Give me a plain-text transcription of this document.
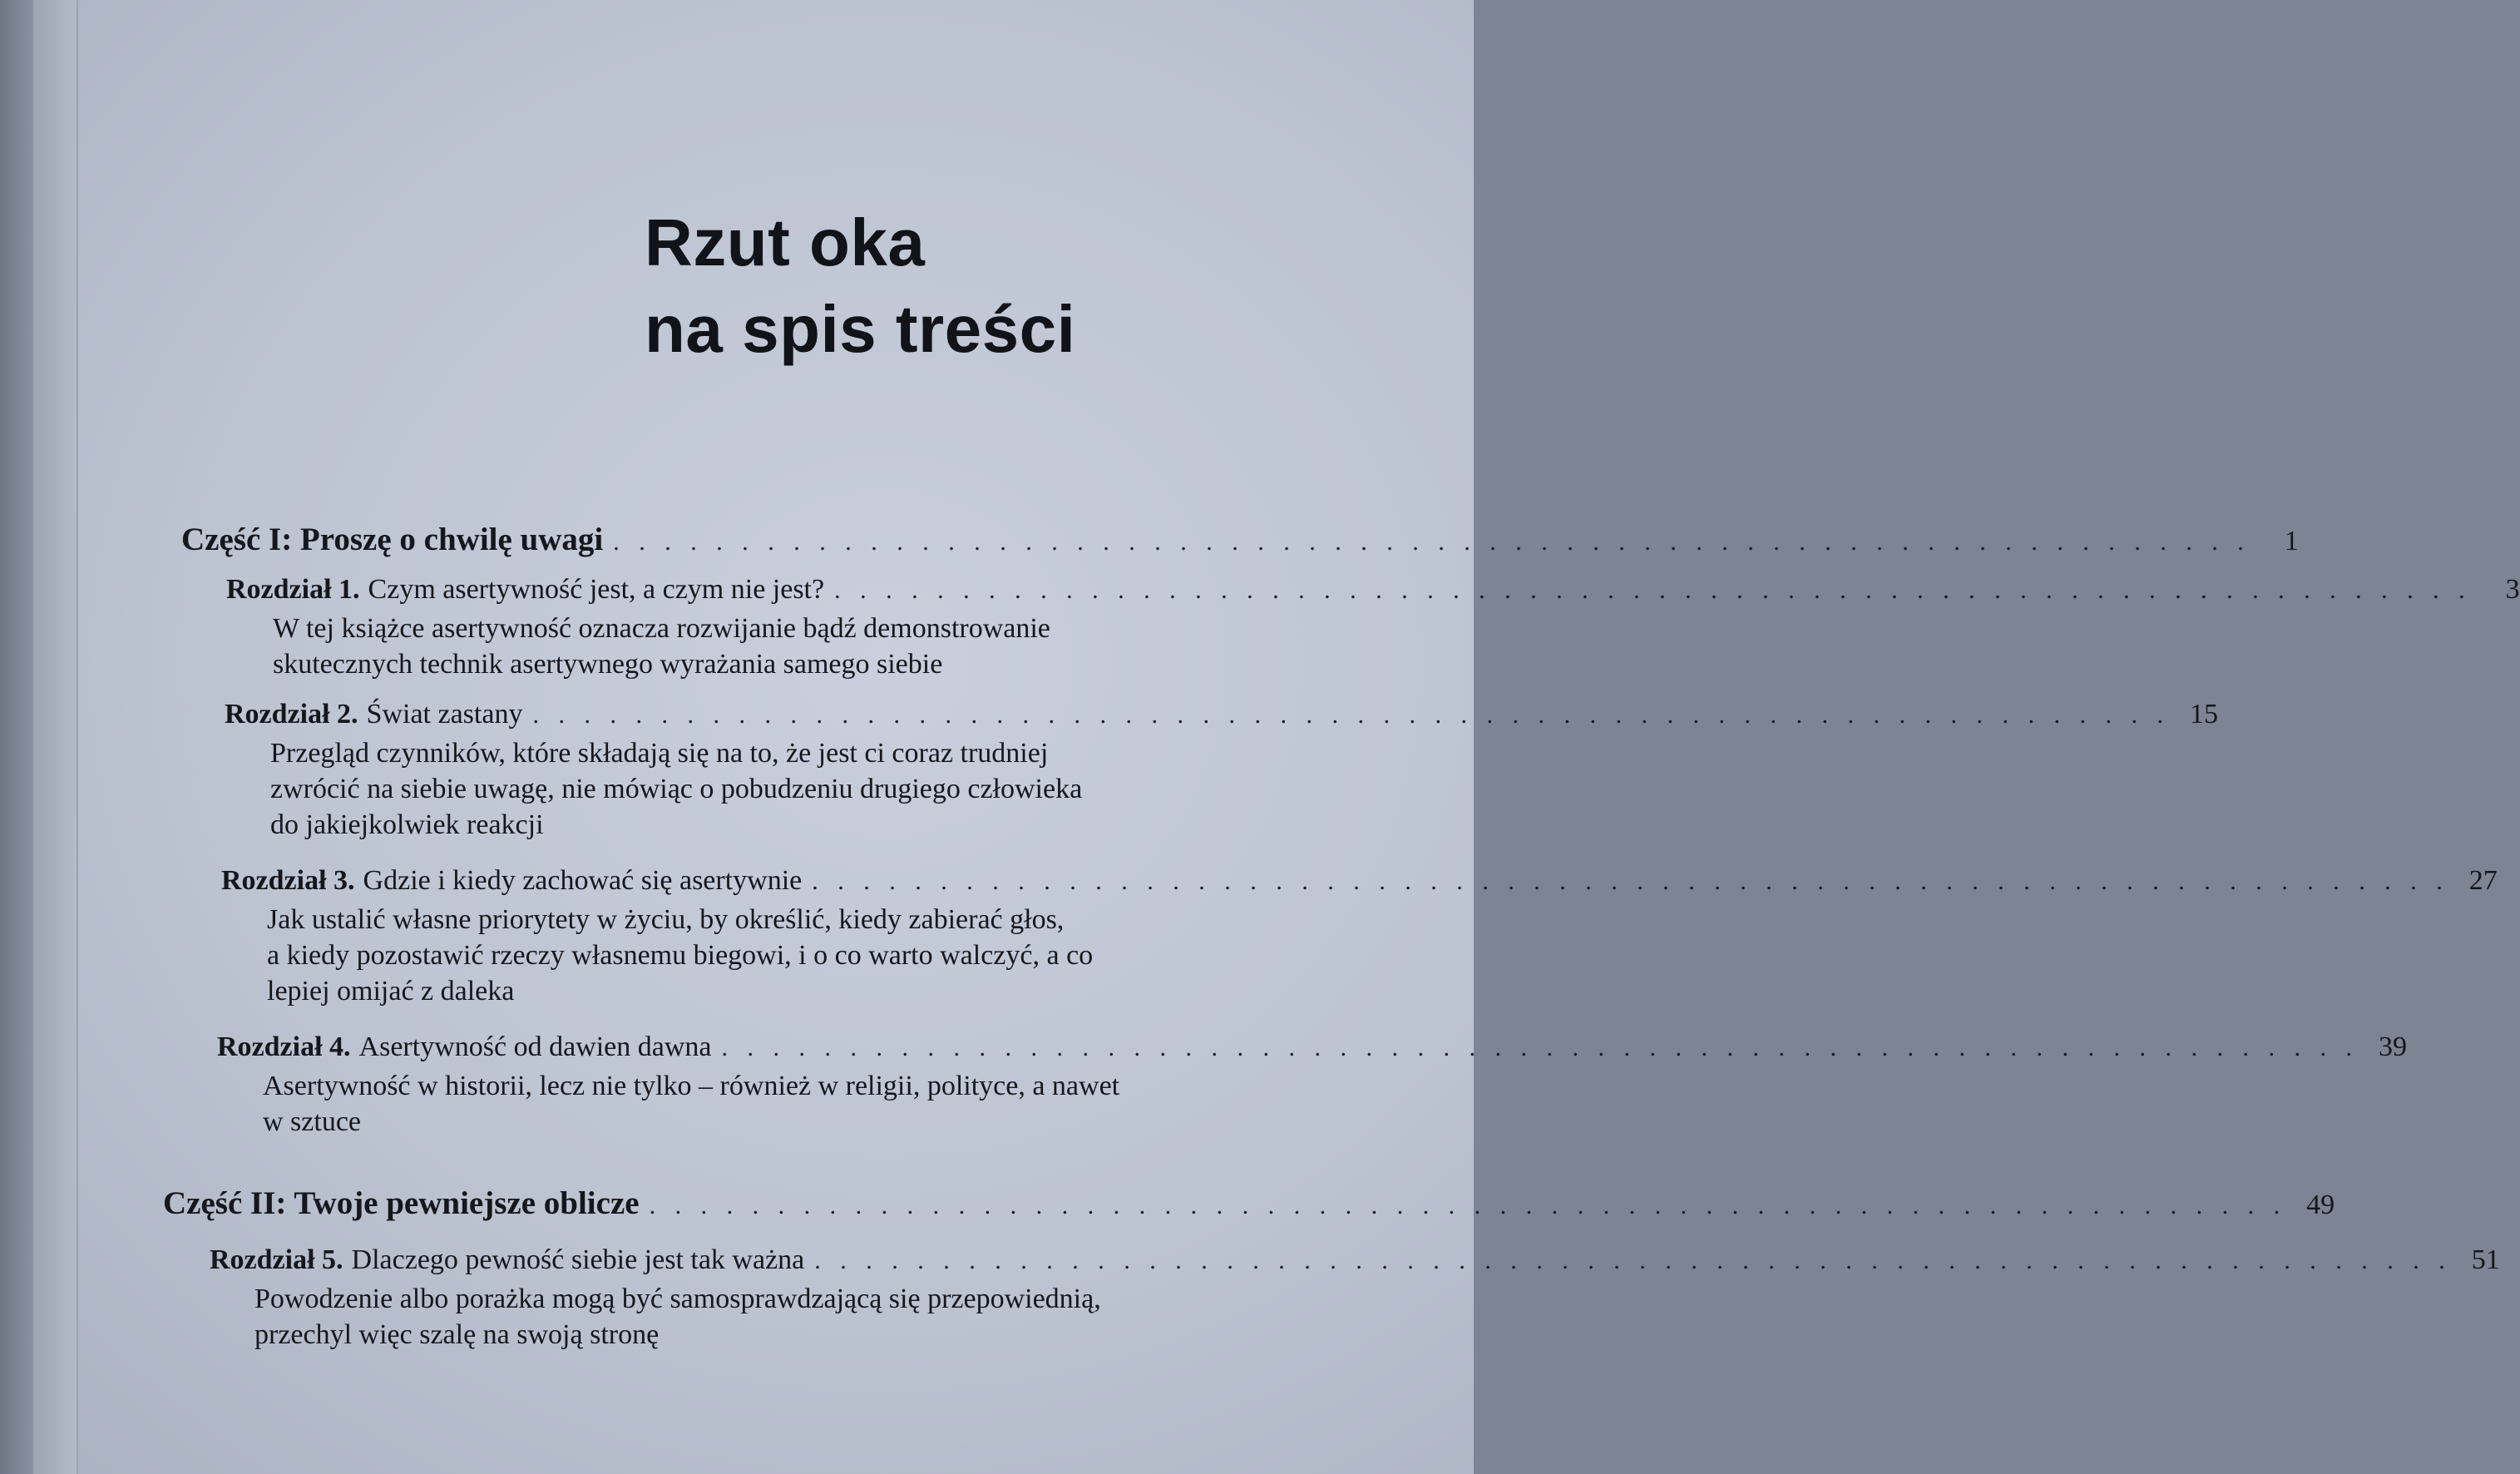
Rzut oka
na spis treści
Część I: Proszę o chwilę uwagi . . . . . . . . . . . . . . . . . . . . . . . . . . . . . . . . . . . . . . . . . . . . . . . . . . . . . . . . . . . . . . . .	1
Rozdział 1. Czym asertywność jest, a czym nie jest? . . . . . . . . . . . . . . . . . . . . . . . . . . . . . . . . . . . . . . . . . . . . . . . . . . . . . . . . . . . . . . . .	3
W tej książce asertywność oznacza rozwijanie bądź demonstrowanie
skutecznych technik asertywnego wyrażania samego siebie
Rozdział 2. Świat zastany . . . . . . . . . . . . . . . . . . . . . . . . . . . . . . . . . . . . . . . . . . . . . . . . . . . . . . . . . . . . . . . . 15
Przegląd czynników, które składają się na to, że jest ci coraz trudniej
zwrócić na siebie uwagę, nie mówiąc o pobudzeniu drugiego człowieka
do jakiejkolwiek reakcji
Rozdział 3. Gdzie i kiedy zachować się asertywnie . . . . . . . . . . . . . . . . . . . . . . . . . . . . . . . . . . . . . . . . . . . . . . . . . . . . . . . . . . . . . . . . 27
Jak ustalić własne priorytety w życiu, by określić, kiedy zabierać głos,
a kiedy pozostawić rzeczy własnemu biegowi, i o co warto walczyć, a co
lepiej omijać z daleka
Rozdział 4. Asertywność od dawien dawna . . . . . . . . . . . . . . . . . . . . . . . . . . . . . . . . . . . . . . . . . . . . . . . . . . . . . . . . . . . . . . . . 39
Asertywność w historii, lecz nie tylko – również w religii, polityce, a nawet
w sztuce
Część II: Twoje pewniejsze oblicze . . . . . . . . . . . . . . . . . . . . . . . . . . . . . . . . . . . . . . . . . . . . . . . . . . . . . . . . . . . . . . . . 49
Rozdział 5. Dlaczego pewność siebie jest tak ważna . . . . . . . . . . . . . . . . . . . . . . . . . . . . . . . . . . . . . . . . . . . . . . . . . . . . . . . . . . . . . . . . 51
Powodzenie albo porażka mogą być samosprawdzającą się przepowiednią,
przechyl więc szalę na swoją stronę
